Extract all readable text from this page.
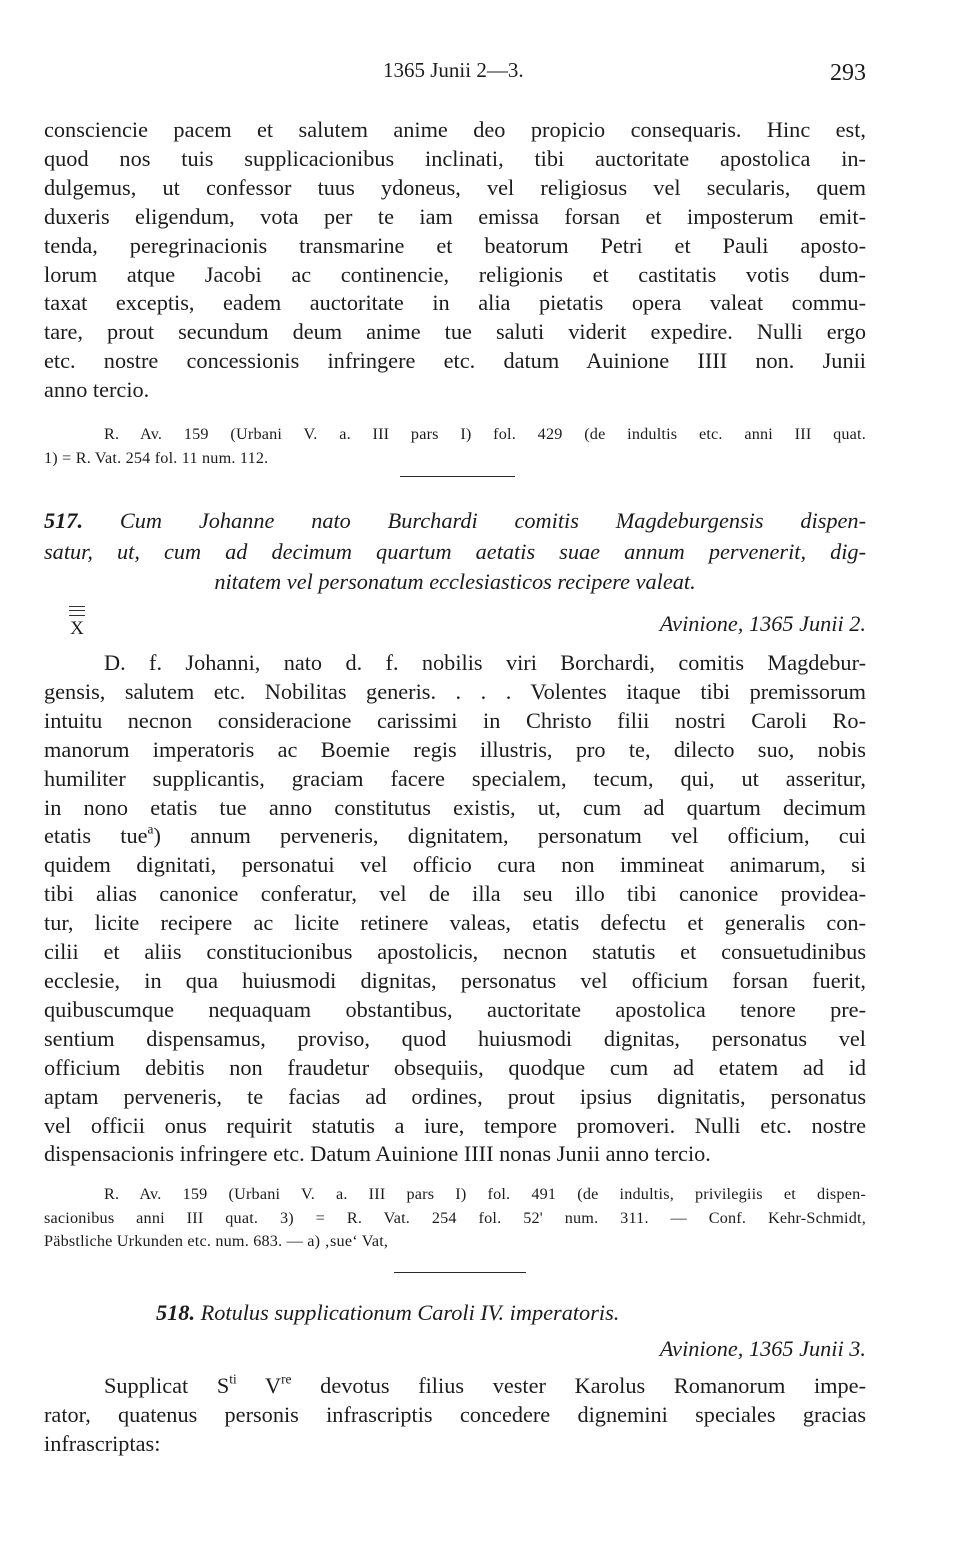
1365 Junii 2—3.	293
consciencie pacem et salutem anime deo propicio consequaris. Hinc est,
quod nos tuis supplicacionibus inclinati, tibi auctoritate apostolica in-
dulgemus, ut confessor tuus ydoneus, vel religiosus vel secularis, quem
duxeris eligendum, vota per te iam emissa forsan et imposterum emit-
tenda, peregrinacionis transmarine et beatorum Petri et Pauli aposto-
lorum atque Jacobi ac continencie, religionis et castitatis votis dum-
taxat exceptis, eadem auctoritate in alia pietatis opera valeat commu-
tare, prout secundum deum anime tue saluti viderit expedire. Nulli ergo
etc. nostre concessionis infringere etc. datum Auinione IIII non. Junii
anno tercio.
R. Av. 159 (Urbani V. a. III pars I) fol. 429 (de indultis etc. anni III quat.
1) = R. Vat. 254 fol. 11 num. 112.
517. Cum Johanne nato Burchardi comitis Magdeburgensis dispen-
satur, ut, cum ad decimum quartum aetatis suae annum pervenerit, dig-
nitatem vel personatum ecclesiasticos recipere valeat.
X	Avinione, 1365 Junii 2.
D. f. Johanni, nato d. f. nobilis viri Borchardi, comitis Magdebur-
gensis, salutem etc. Nobilitas generis. . . . Volentes itaque tibi premissorum
intuitu necnon consideracione carissimi in Christo filii nostri Caroli Ro-
manorum imperatoris ac Boemie regis illustris, pro te, dilecto suo, nobis
humiliter supplicantis, graciam facere specialem, tecum, qui, ut asseritur,
in nono etatis tue anno constitutus existis, ut, cum ad quartum decimum
etatis tue$^a$) annum perveneris, dignitatem, personatum vel officium, cui
quidem dignitati, personatui vel officio cura non immineat animarum, si
tibi alias canonice conferatur, vel de illa seu illo tibi canonice providea-
tur, licite recipere ac licite retinere valeas, etatis defectu et generalis con-
cilii et aliis constitucionibus apostolicis, necnon statutis et consuetudinibus
ecclesie, in qua huiusmodi dignitas, personatus vel officium forsan fuerit,
quibuscumque nequaquam obstantibus, auctoritate apostolica tenore pre-
sentium dispensamus, proviso, quod huiusmodi dignitas, personatus vel
officium debitis non fraudetur obsequiis, quodque cum ad etatem ad id
aptam perveneris, te facias ad ordines, prout ipsius dignitatis, personatus
vel officii onus requirit statutis a iure, tempore promoveri. Nulli etc. nostre
dispensacionis infringere etc. Datum Auinione IIII nonas Junii anno tercio.
R. Av. 159 (Urbani V. a. III pars I) fol. 491 (de indultis, privilegiis et dispen-
sacionibus anni III quat. 3) = R. Vat. 254 fol. 52' num. 311. — Conf. Kehr-Schmidt,
Päbstliche Urkunden etc. num. 683. — a) ‚sue‘ Vat,
518. Rotulus supplicationum Caroli IV. imperatoris.
Avinione, 1365 Junii 3.
Supplicat $S^{ti}$ Vre devotus filius vester Karolus Romanorum impe-
rator, quatenus personis infrascriptis concedere dignemini speciales gracias
infrascriptas:
